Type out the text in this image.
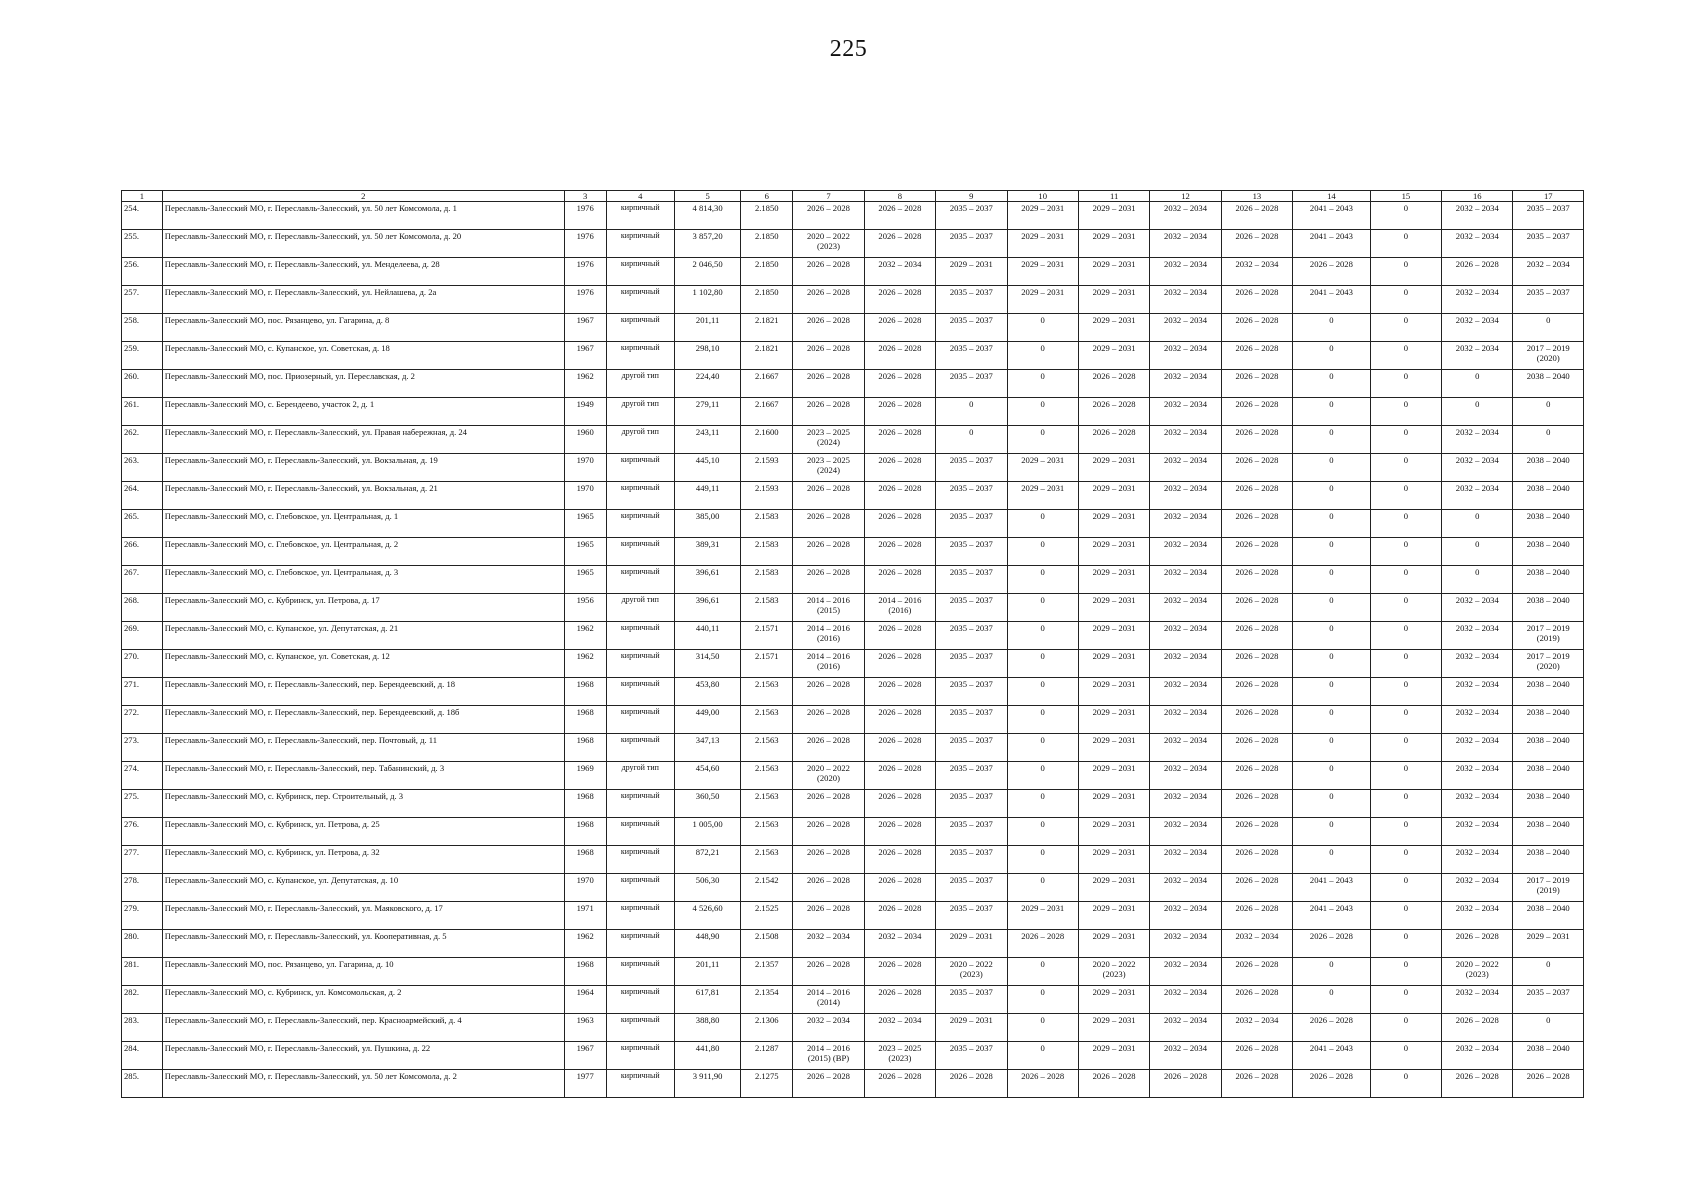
225
1	2	3	4	5	6	7	8	9	10	11	12	13	14	15	16	17
254.	Переславль-Залесский МО, г. Переславль-Залесский, ул. 50 лет Комсомола, д. 1	1976	кирпичный	4 814,30	2.1850	2026 – 2028	2026 – 2028	2035 – 2037	2029 – 2031	2029 – 2031	2032 – 2034	2026 – 2028	2041 – 2043	0	2032 – 2034	2035 – 2037
255.	Переславль-Залесский МО, г. Переславль-Залесский, ул. 50 лет Комсомола, д. 20	1976	кирпичный	3 857,20	2.1850	2020 – 2022
(2023)	2026 – 2028	2035 – 2037	2029 – 2031	2029 – 2031	2032 – 2034	2026 – 2028	2041 – 2043	0	2032 – 2034	2035 – 2037
256.	Переславль-Залесский МО, г. Переславль-Залесский, ул. Менделеева, д. 28	1976	кирпичный	2 046,50	2.1850	2026 – 2028	2032 – 2034	2029 – 2031	2029 – 2031	2029 – 2031	2032 – 2034	2032 – 2034	2026 – 2028	0	2026 – 2028	2032 – 2034
257.	Переславль-Залесский МО, г. Переславль-Залесский, ул. Нейлашева, д. 2а	1976	кирпичный	1 102,80	2.1850	2026 – 2028	2026 – 2028	2035 – 2037	2029 – 2031	2029 – 2031	2032 – 2034	2026 – 2028	2041 – 2043	0	2032 – 2034	2035 – 2037
258.	Переславль-Залесский МО, пос. Рязанцево, ул. Гагарина, д. 8	1967	кирпичный	201,11	2.1821	2026 – 2028	2026 – 2028	2035 – 2037	0	2029 – 2031	2032 – 2034	2026 – 2028	0	0	2032 – 2034	0
259.	Переславль-Залесский МО, с. Купанское, ул. Советская, д. 18	1967	кирпичный	298,10	2.1821	2026 – 2028	2026 – 2028	2035 – 2037	0	2029 – 2031	2032 – 2034	2026 – 2028	0	0	2032 – 2034	2017 – 2019
(2020)

260.	Переславль-Залесский МО, пос. Приозерный, ул. Переславская, д. 2	1962	другой тип	224,40	2.1667	2026 – 2028	2026 – 2028	2035 – 2037	0	2026 – 2028	2032 – 2034	2026 – 2028	0	0	0	2038 – 2040
261.	Переславль-Залесский МО, с. Берендеево, участок 2, д. 1	1949	другой тип	279,11	2.1667	2026 – 2028	2026 – 2028	0	0	2026 – 2028	2032 – 2034	2026 – 2028	0	0	0	0
262.	Переславль-Залесский МО, г. Переславль-Залесский, ул. Правая набережная, д. 24	1960	другой тип	243,11	2.1600	2023 – 2025
(2024)	2026 – 2028	0	0	2026 – 2028	2032 – 2034	2026 – 2028	0	0	2032 – 2034	0
263.	Переславль-Залесский МО, г. Переславль-Залесский, ул. Вокзальная, д. 19	1970	кирпичный	445,10	2.1593	2023 – 2025
(2024)	2026 – 2028	2035 – 2037	2029 – 2031	2029 – 2031	2032 – 2034	2026 – 2028	0	0	2032 – 2034	2038 – 2040
264.	Переславль-Залесский МО, г. Переславль-Залесский, ул. Вокзальная, д. 21	1970	кирпичный	449,11	2.1593	2026 – 2028	2026 – 2028	2035 – 2037	2029 – 2031	2029 – 2031	2032 – 2034	2026 – 2028	0	0	2032 – 2034	2038 – 2040
265.	Переславль-Залесский МО, с. Глебовское, ул. Центральная, д. 1	1965	кирпичный	385,00	2.1583	2026 – 2028	2026 – 2028	2035 – 2037	0	2029 – 2031	2032 – 2034	2026 – 2028	0	0	0	2038 – 2040
266.	Переславль-Залесский МО, с. Глебовское, ул. Центральная, д. 2	1965	кирпичный	389,31	2.1583	2026 – 2028	2026 – 2028	2035 – 2037	0	2029 – 2031	2032 – 2034	2026 – 2028	0	0	0	2038 – 2040
267.	Переславль-Залесский МО, с. Глебовское, ул. Центральная, д. 3	1965	кирпичный	396,61	2.1583	2026 – 2028	2026 – 2028	2035 – 2037	0	2029 – 2031	2032 – 2034	2026 – 2028	0	0	0	2038 – 2040
268.	Переславль-Залесский МО, с. Кубринск, ул. Петрова, д. 17	1956	другой тип	396,61	2.1583	2014 – 2016
(2015)	2014 – 2016
(2016)	2035 – 2037	0	2029 – 2031	2032 – 2034	2026 – 2028	0	0	2032 – 2034	2038 – 2040
269.	Переславль-Залесский МО, с. Купанское, ул. Депутатская, д. 21	1962	кирпичный	440,11	2.1571	2014 – 2016
(2016)	2026 – 2028	2035 – 2037	0	2029 – 2031	2032 – 2034	2026 – 2028	0	0	2032 – 2034	2017 – 2019
(2019)

270.	Переславль-Залесский МО, с. Купанское, ул. Советская, д. 12	1962	кирпичный	314,50	2.1571	2014 – 2016
(2016)	2026 – 2028	2035 – 2037	0	2029 – 2031	2032 – 2034	2026 – 2028	0	0	2032 – 2034	2017 – 2019
(2020)

271.	Переславль-Залесский МО, г. Переславль-Залесский, пер. Берендеевский, д. 18	1968	кирпичный	453,80	2.1563	2026 – 2028	2026 – 2028	2035 – 2037	0	2029 – 2031	2032 – 2034	2026 – 2028	0	0	2032 – 2034	2038 – 2040
272.	Переславль-Залесский МО, г. Переславль-Залесский, пер. Берендеевский, д. 18б	1968	кирпичный	449,00	2.1563	2026 – 2028	2026 – 2028	2035 – 2037	0	2029 – 2031	2032 – 2034	2026 – 2028	0	0	2032 – 2034	2038 – 2040
273.	Переславль-Залесский МО, г. Переславль-Залесский, пер. Почтовый, д. 11	1968	кирпичный	347,13	2.1563	2026 – 2028	2026 – 2028	2035 – 2037	0	2029 – 2031	2032 – 2034	2026 – 2028	0	0	2032 – 2034	2038 – 2040
274.	Переславль-Залесский МО, г. Переславль-Залесский, пер. Табанинский, д. 3	1969	другой тип	454,60	2.1563	2020 – 2022
(2020)	2026 – 2028	2035 – 2037	0	2029 – 2031	2032 – 2034	2026 – 2028	0	0	2032 – 2034	2038 – 2040
275.	Переславль-Залесский МО, с. Кубринск, пер. Строительный, д. 3	1968	кирпичный	360,50	2.1563	2026 – 2028	2026 – 2028	2035 – 2037	0	2029 – 2031	2032 – 2034	2026 – 2028	0	0	2032 – 2034	2038 – 2040
276.	Переславль-Залесский МО, с. Кубринск, ул. Петрова, д. 25	1968	кирпичный	1 005,00	2.1563	2026 – 2028	2026 – 2028	2035 – 2037	0	2029 – 2031	2032 – 2034	2026 – 2028	0	0	2032 – 2034	2038 – 2040
277.	Переславль-Залесский МО, с. Кубринск, ул. Петрова, д. 32	1968	кирпичный	872,21	2.1563	2026 – 2028	2026 – 2028	2035 – 2037	0	2029 – 2031	2032 – 2034	2026 – 2028	0	0	2032 – 2034	2038 – 2040
278.	Переславль-Залесский МО, с. Купанское, ул. Депутатская, д. 10	1970	кирпичный	506,30	2.1542	2026 – 2028	2026 – 2028	2035 – 2037	0	2029 – 2031	2032 – 2034	2026 – 2028	2041 – 2043	0	2032 – 2034	2017 – 2019
(2019)

279.	Переславль-Залесский МО, г. Переславль-Залесский, ул. Маяковского, д. 17	1971	кирпичный	4 526,60	2.1525	2026 – 2028	2026 – 2028	2035 – 2037	2029 – 2031	2029 – 2031	2032 – 2034	2026 – 2028	2041 – 2043	0	2032 – 2034	2038 – 2040
280.	Переславль-Залесский МО, г. Переславль-Залесский, ул. Кооперативная, д. 5	1962	кирпичный	448,90	2.1508	2032 – 2034	2032 – 2034	2029 – 2031	2026 – 2028	2029 – 2031	2032 – 2034	2032 – 2034	2026 – 2028	0	2026 – 2028	2029 – 2031
281.	Переславль-Залесский МО, пос. Рязанцево, ул. Гагарина, д. 10	1968	кирпичный	201,11	2.1357	2026 – 2028	2026 – 2028	2020 – 2022
(2023)	0	2020 – 2022
(2023)	2032 – 2034	2026 – 2028	0	0	2020 – 2022
(2023)	0
282.	Переславль-Залесский МО, с. Кубринск, ул. Комсомольская, д. 2	1964	кирпичный	617,81	2.1354	2014 – 2016
(2014)	2026 – 2028	2035 – 2037	0	2029 – 2031	2032 – 2034	2026 – 2028	0	0	2032 – 2034	2035 – 2037
283.	Переславль-Залесский МО, г. Переславль-Залесский, пер. Красноармейский, д. 4	1963	кирпичный	388,80	2.1306	2032 – 2034	2032 – 2034	2029 – 2031	0	2029 – 2031	2032 – 2034	2032 – 2034	2026 – 2028	0	2026 – 2028	0
284.	Переславль-Залесский МО, г. Переславль-Залесский, ул. Пушкина, д. 22	1967	кирпичный	441,80	2.1287	2014 – 2016
(2015) (ВР)	2023 – 2025
(2023)	2035 – 2037	0	2029 – 2031	2032 – 2034	2026 – 2028	2041 – 2043	0	2032 – 2034	2038 – 2040
285.	Переславль-Залесский МО, г. Переславль-Залесский, ул. 50 лет Комсомола, д. 2	1977	кирпичный	3 911,90	2.1275	2026 – 2028	2026 – 2028	2026 – 2028	2026 – 2028	2026 – 2028	2026 – 2028	2026 – 2028	2026 – 2028	0	2026 – 2028	2026 – 2028
